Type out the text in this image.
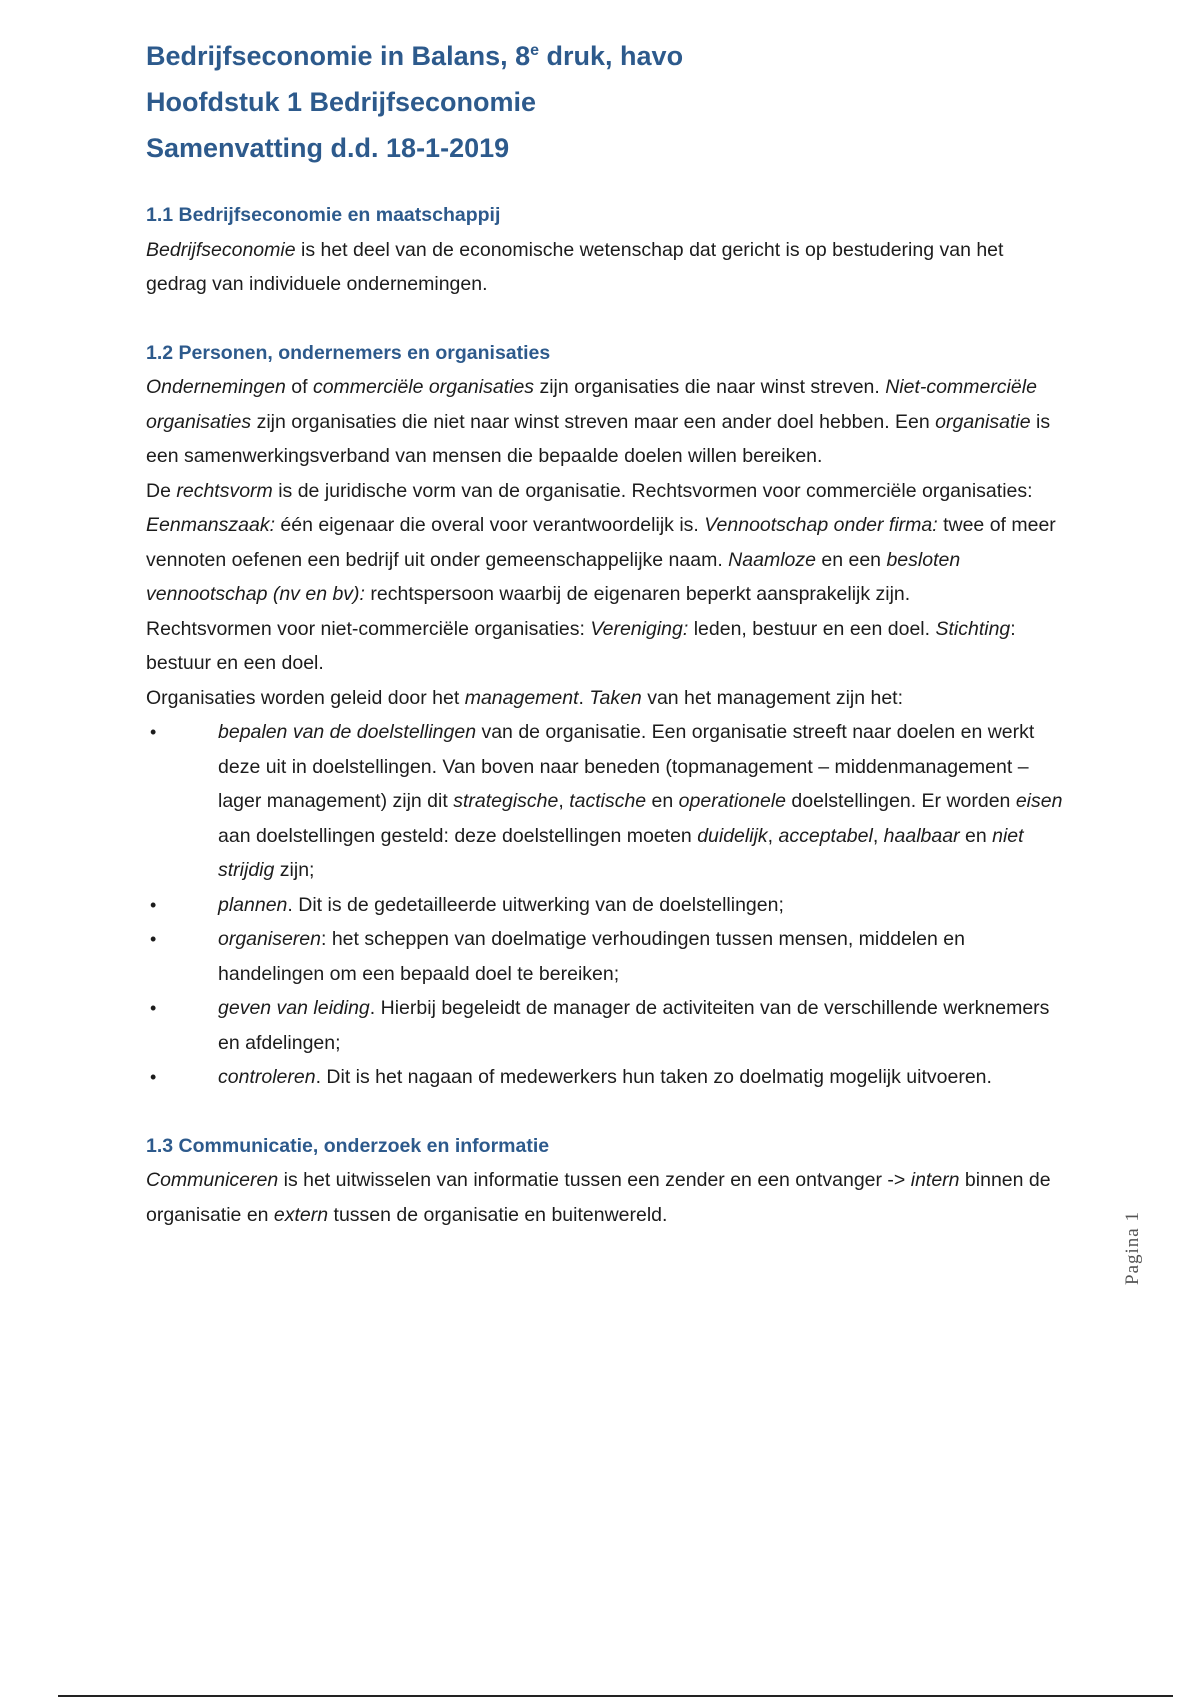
Bedrijfseconomie in Balans, 8e druk, havo
Hoofdstuk 1 Bedrijfseconomie
Samenvatting d.d. 18-1-2019
1.1 Bedrijfseconomie en maatschappij

Bedrijfseconomie is het deel van de economische wetenschap dat gericht is op bestudering van het gedrag van individuele ondernemingen.

1.2 Personen, ondernemers en organisaties

Ondernemingen of commerciële organisaties zijn organisaties die naar winst streven. Niet-commerciële organisaties zijn organisaties die niet naar winst streven maar een ander doel hebben. Een organisatie is een samenwerkingsverband van mensen die bepaalde doelen willen bereiken.

De rechtsvorm is de juridische vorm van de organisatie. Rechtsvormen voor commerciële organisaties: Eenmanszaak: één eigenaar die overal voor verantwoordelijk is. Vennootschap onder firma: twee of meer vennoten oefenen een bedrijf uit onder gemeenschappelijke naam. Naamloze en een besloten vennootschap (nv en bv): rechtspersoon waarbij de eigenaren beperkt aansprakelijk zijn.

Rechtsvormen voor niet-commerciële organisaties: Vereniging: leden, bestuur en een doel. Stichting: bestuur en een doel.

Organisaties worden geleid door het management. Taken van het management zijn het:

•	bepalen van de doelstellingen van de organisatie. Een organisatie streeft naar doelen en werkt deze uit in doelstellingen. Van boven naar beneden (topmanagement – middenmanagement – lager management) zijn dit strategische, tactische en operationele doelstellingen. Er worden eisen aan doelstellingen gesteld: deze doelstellingen moeten duidelijk, acceptabel, haalbaar en niet strijdig zijn;
•	plannen. Dit is de gedetailleerde uitwerking van de doelstellingen;
•	organiseren: het scheppen van doelmatige verhoudingen tussen mensen, middelen en handelingen om een bepaald doel te bereiken;
•	geven van leiding. Hierbij begeleidt de manager de activiteiten van de verschillende werknemers en afdelingen;
•	controleren. Dit is het nagaan of medewerkers hun taken zo doelmatig mogelijk uitvoeren.
1.3 Communicatie, onderzoek en informatie

Communiceren is het uitwisselen van informatie tussen een zender en een ontvanger -> intern binnen de organisatie en extern tussen de organisatie en buitenwereld.	Pagina 1
